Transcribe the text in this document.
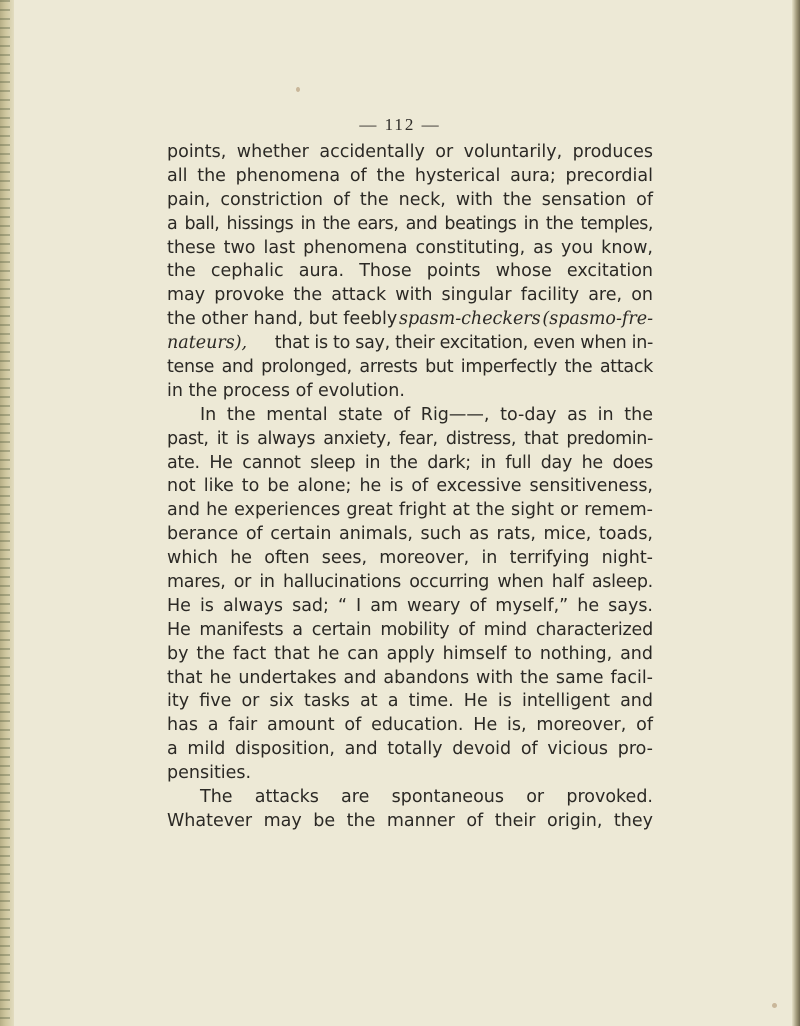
— 112 —
points, whether accidentally or voluntarily, produces
all the phenomena of the hysterical aura; precordial
pain, constriction of the neck, with the sensation of
a ball, hissings in the ears, and beatings in the temples,
these two last phenomena constituting, as you know,
the cephalic aura. Those points whose excitation
may provoke the attack with singular facility are, on
the other hand, but feebly spasm-checkers (spasmo-fre-
nateurs), that is to say, their excitation, even when in-
tense and prolonged, arrests but imperfectly the attack
in the process of evolution.
In the mental state of Rig——, to-day as in the
past, it is always anxiety, fear, distress, that predomin-
ate. He cannot sleep in the dark; in full day he does
not like to be alone; he is of excessive sensitiveness,
and he experiences great fright at the sight or remem-
berance of certain animals, such as rats, mice, toads,
which he often sees, moreover, in terrifying night-
mares, or in hallucinations occurring when half asleep.
He is always sad; “ I am weary of myself,” he says.
He manifests a certain mobility of mind characterized
by the fact that he can apply himself to nothing, and
that he undertakes and abandons with the same facil-
ity five or six tasks at a time. He is intelligent and
has a fair amount of education. He is, moreover, of
a mild disposition, and totally devoid of vicious pro-
pensities.
The attacks are spontaneous or provoked.
Whatever may be the manner of their origin, they
